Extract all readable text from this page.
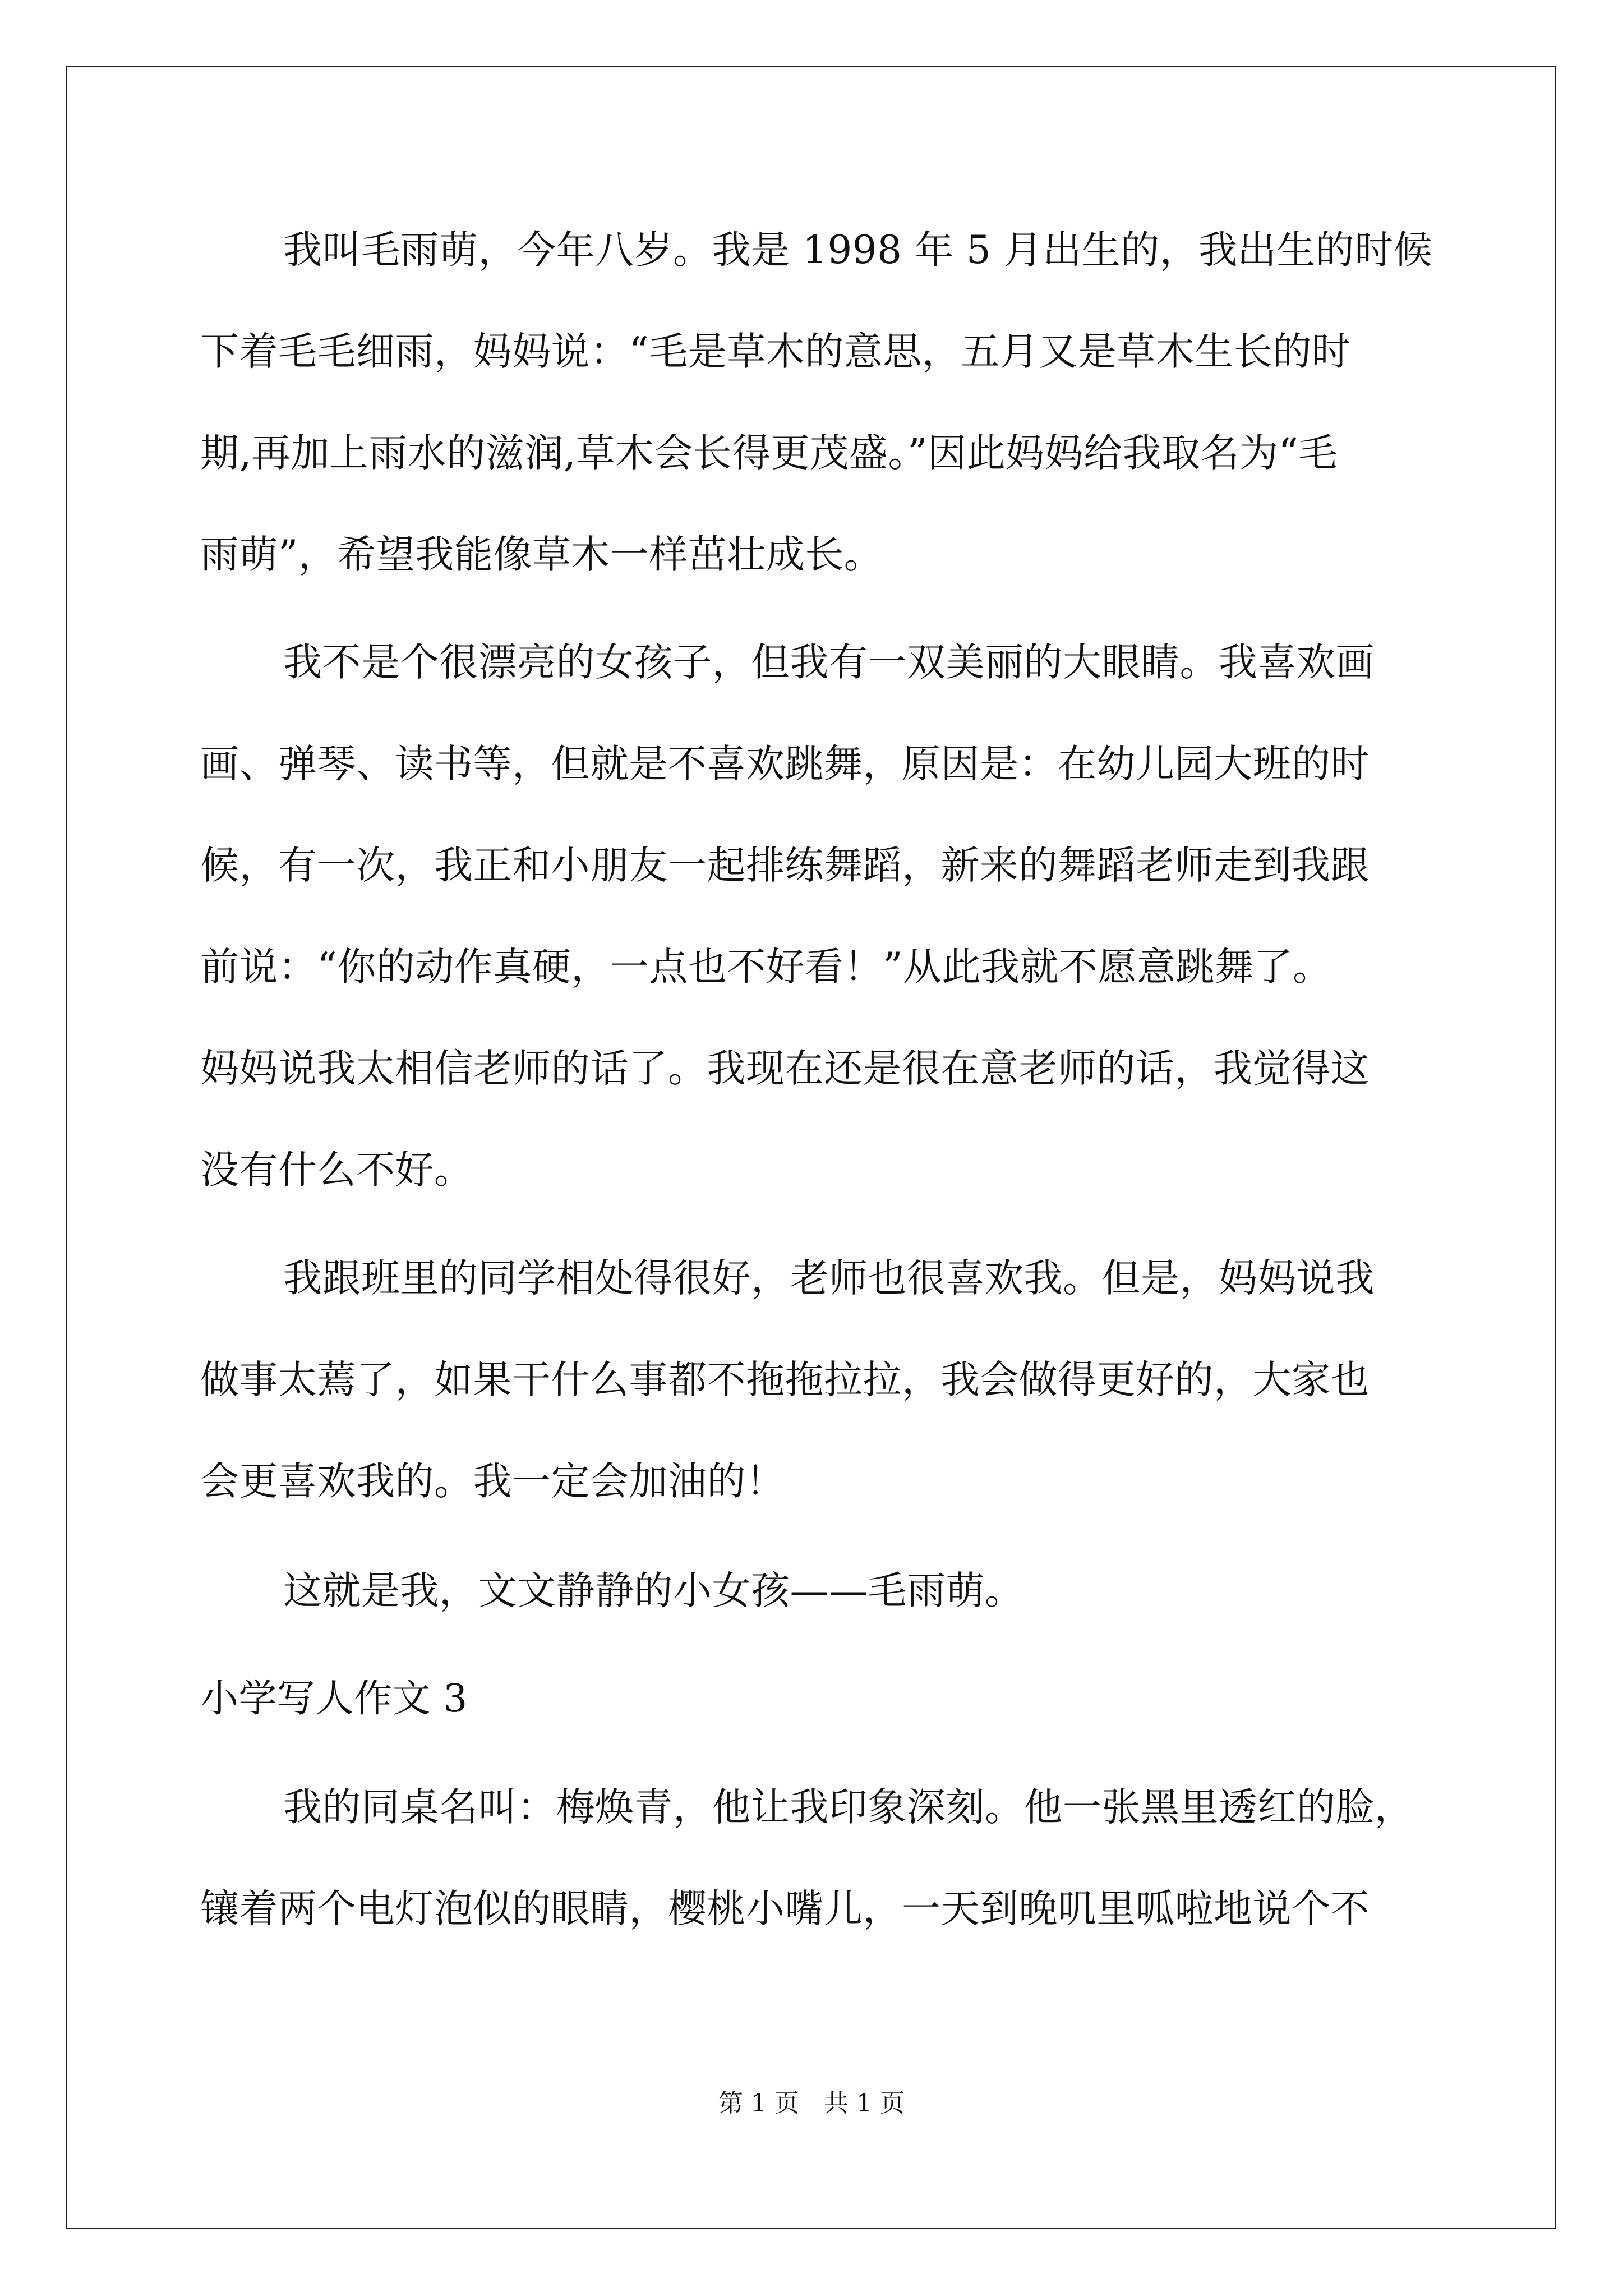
我叫毛雨萌，今年八岁。我是 1998 年 5 月出生的，我出生的时候
下着毛毛细雨，妈妈说：“毛是草木的意思，五月又是草木生长的时
期,再加上雨水的滋润,草木会长得更茂盛。”因此妈妈给我取名为“毛
雨萌”，希望我能像草木一样茁壮成长。
我不是个很漂亮的女孩子，但我有一双美丽的大眼睛。我喜欢画
画、弹琴、读书等，但就是不喜欢跳舞，原因是：在幼儿园大班的时
候，有一次，我正和小朋友一起排练舞蹈，新来的舞蹈老师走到我跟
前说：“你的动作真硬，一点也不好看！”从此我就不愿意跳舞了。
妈妈说我太相信老师的话了。我现在还是很在意老师的话，我觉得这
没有什么不好。
我跟班里的同学相处得很好，老师也很喜欢我。但是，妈妈说我
做事太蔫了，如果干什么事都不拖拖拉拉，我会做得更好的，大家也
会更喜欢我的。我一定会加油的！
这就是我，文文静静的小女孩——毛雨萌。
小学写人作文 3
我的同桌名叫：梅焕青，他让我印象深刻。他一张黑里透红的脸，
镶着两个电灯泡似的眼睛，樱桃小嘴儿，一天到晚叽里呱啦地说个不
第 1 页　共 1 页
